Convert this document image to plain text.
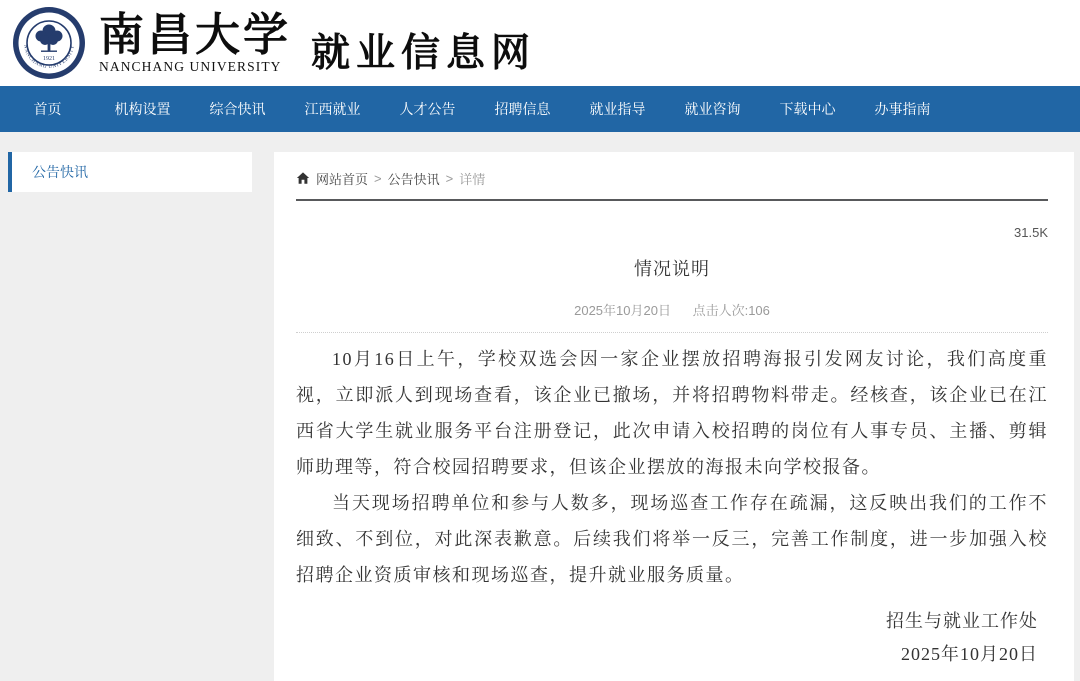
NANCHANG UNIVERSITY
1921 南昌大学
NANCHANG UNIVERSITY 就业信息网
首页	机构设置	综合快讯	江西就业	人才公告	招聘信息	就业指导	就业咨询	下载中心	办事指南
公告快讯	网站首页 > 公告快讯 > 详情
31.5K
情况说明
2025年10月20日 点击人次:106

10月16日上午，学校双选会因一家企业摆放招聘海报引发网友讨论，我们高度重视，立即派人到现场查看，该企业已撤场，并将招聘物料带走。经核查，该企业已在江西省大学生就业服务平台注册登记，此次申请入校招聘的岗位有人事专员、主播、剪辑师助理等，符合校园招聘要求，但该企业摆放的海报未向学校报备。

当天现场招聘单位和参与人数多，现场巡查工作存在疏漏，这反映出我们的工作不细致、不到位，对此深表歉意。后续我们将举一反三，完善工作制度，进一步加强入校招聘企业资质审核和现场巡查，提升就业服务质量。

招生与就业工作处
2025年10月20日
